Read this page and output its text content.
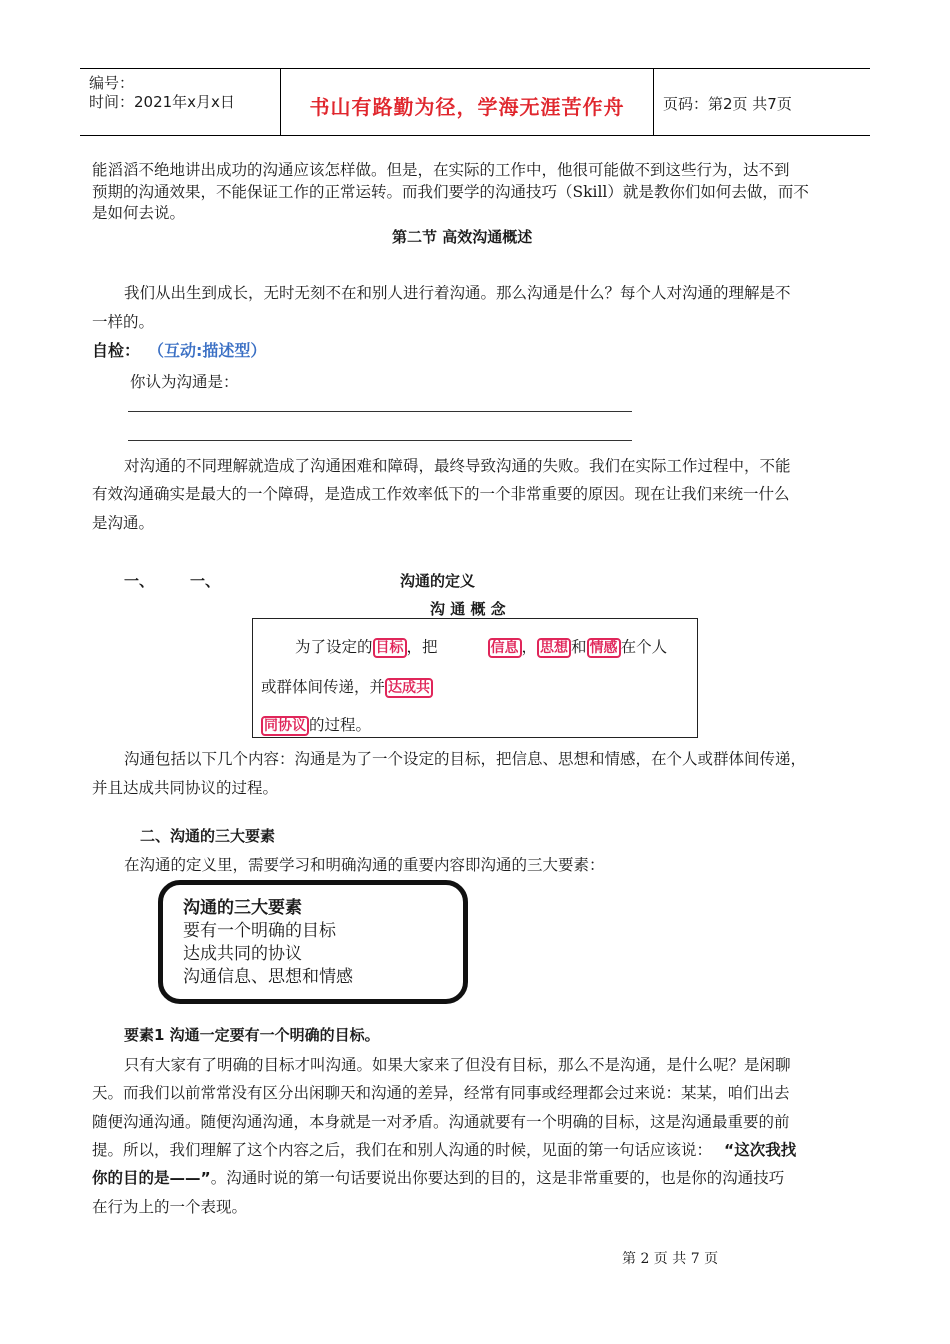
编号：
时间：2021年x月x日	书山有路勤为径，学海无涯苦作舟	页码：第2页 共7页
能滔滔不绝地讲出成功的沟通应该怎样做。但是，在实际的工作中，他很可能做不到这些行为，达不到
预期的沟通效果，不能保证工作的正常运转。而我们要学的沟通技巧（Skill）就是教你们如何去做，而不
是如何去说。
第二节 高效沟通概述
我们从出生到成长，无时无刻不在和别人进行着沟通。那么沟通是什么？每个人对沟通的理解是不
一样的。
自检： （互动:描述型）
你认为沟通是：
对沟通的不同理解就造成了沟通困难和障碍，最终导致沟通的失败。我们在实际工作过程中，不能
有效沟通确实是最大的一个障碍，是造成工作效率低下的一个非常重要的原因。现在让我们来统一什么
是沟通。
一、 一、	沟通的定义
沟 通 概 念
为了设定的 目标 ，把	信息 ， 思想 和 情感 在个人
或群体间传递，并 达成共
同协议 的过程。
沟通包括以下几个内容：沟通是为了一个设定的目标，把信息、思想和情感，在个人或群体间传递，
并且达成共同协议的过程。
二、沟通的三大要素
在沟通的定义里，需要学习和明确沟通的重要内容即沟通的三大要素：
沟通的三大要素
要有一个明确的目标
达成共同的协议
沟通信息、思想和情感
要素1 沟通一定要有一个明确的目标。
只有大家有了明确的目标才叫沟通。如果大家来了但没有目标，那么不是沟通，是什么呢？是闲聊
天。而我们以前常常没有区分出闲聊天和沟通的差异，经常有同事或经理都会过来说：某某，咱们出去
随便沟通沟通。随便沟通沟通，本身就是一对矛盾。沟通就要有一个明确的目标，这是沟通最重要的前
提。所以，我们理解了这个内容之后，我们在和别人沟通的时候，见面的第一句话应该说： “这次我找
你的目的是——”。沟通时说的第一句话要说出你要达到的目的，这是非常重要的，也是你的沟通技巧
在行为上的一个表现。
第 2 页 共 7 页
